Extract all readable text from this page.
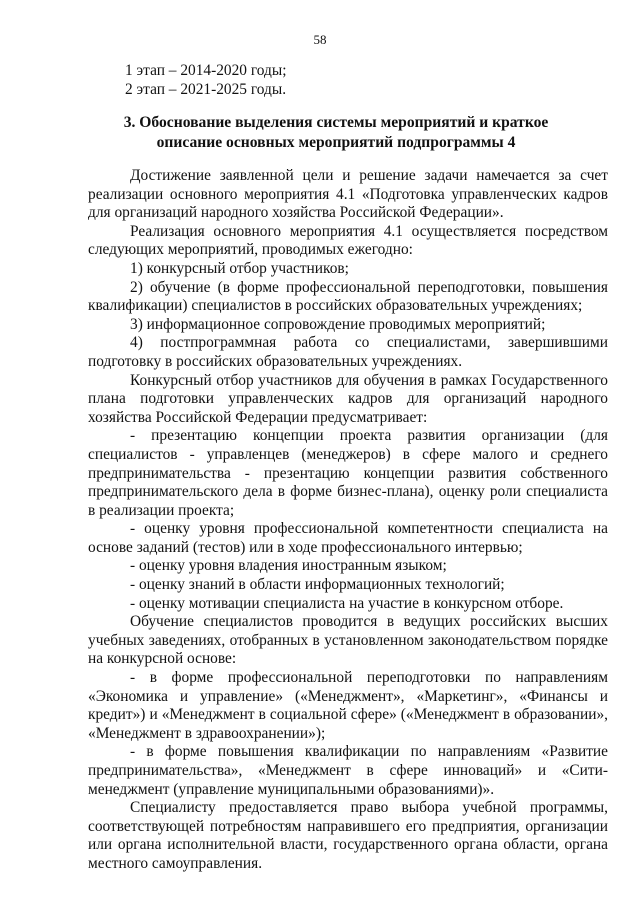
58
1 этап – 2014-2020 годы;
2 этап – 2021-2025 годы.
3. Обоснование выделения системы мероприятий и краткое
описание основных мероприятий подпрограммы 4

Достижение заявленной цели и решение задачи намечается за счет реализации основного мероприятия 4.1 «Подготовка управленческих кадров для организаций народного хозяйства Российской Федерации».

Реализация основного мероприятия 4.1 осуществляется посредством следующих мероприятий, проводимых ежегодно:

1) конкурсный отбор участников;

2) обучение (в форме профессиональной переподготовки, повышения квалификации) специалистов в российских образовательных учреждениях;

3) информационное сопровождение проводимых мероприятий;

4) постпрограммная работа со специалистами, завершившими подготовку в российских образовательных учреждениях.

Конкурсный отбор участников для обучения в рамках Государственного плана подготовки управленческих кадров для организаций народного хозяйства Российской Федерации предусматривает:

- презентацию концепции проекта развития организации (для специалистов - управленцев (менеджеров) в сфере малого и среднего предпринимательства - презентацию концепции развития собственного предпринимательского дела в форме бизнес-плана), оценку роли специалиста в реализации проекта;

- оценку уровня профессиональной компетентности специалиста на основе заданий (тестов) или в ходе профессионального интервью;

- оценку уровня владения иностранным языком;

- оценку знаний в области информационных технологий;

- оценку мотивации специалиста на участие в конкурсном отборе.

Обучение специалистов проводится в ведущих российских высших учебных заведениях, отобранных в установленном законодательством порядке на конкурсной основе:

- в форме профессиональной переподготовки по направлениям «Экономика и управление» («Менеджмент», «Маркетинг», «Финансы и кредит») и «Менеджмент в социальной сфере» («Менеджмент в образовании», «Менеджмент в здравоохранении»);

- в форме повышения квалификации по направлениям «Развитие предпринимательства», «Менеджмент в сфере инноваций» и «Сити-менеджмент (управление муниципальными образованиями)».

Специалисту предоставляется право выбора учебной программы, соответствующей потребностям направившего его предприятия, организации или органа исполнительной власти, государственного органа области, органа местного самоуправления.
